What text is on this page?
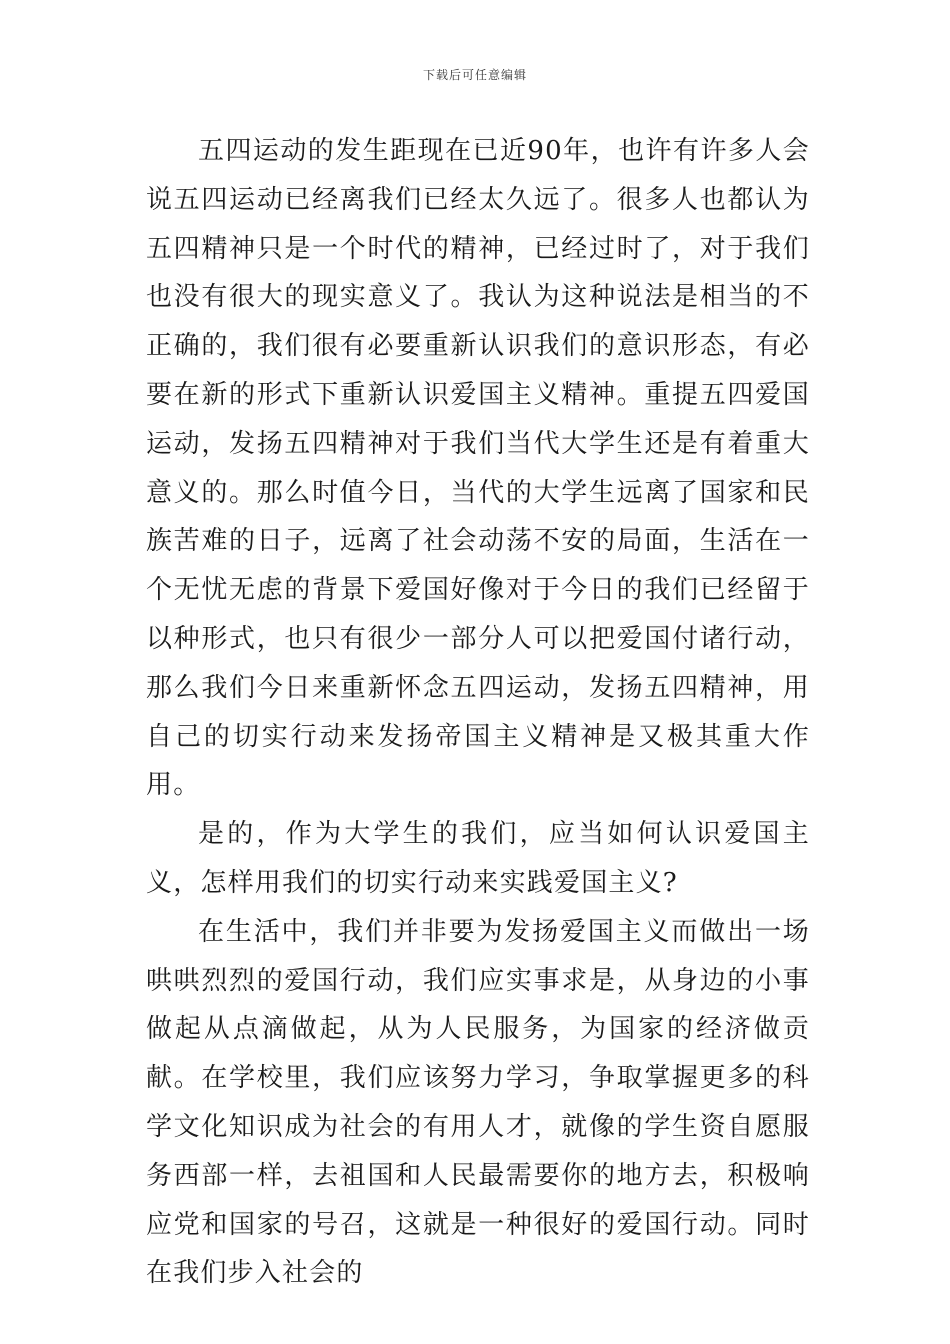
下载后可任意编辑

五四运动的发生距现在已近90年，也许有许多人会说五四运动已经离我们已经太久远了。很多人也都认为五四精神只是一个时代的精神，已经过时了，对于我们也没有很大的现实意义了。我认为这种说法是相当的不正确的，我们很有必要重新认识我们的意识形态，有必要在新的形式下重新认识爱国主义精神。重提五四爱国运动，发扬五四精神对于我们当代大学生还是有着重大意义的。那么时值今日，当代的大学生远离了国家和民族苦难的日子，远离了社会动荡不安的局面，生活在一个无忧无虑的背景下爱国好像对于今日的我们已经留于以种形式，也只有很少一部分人可以把爱国付诸行动，那么我们今日来重新怀念五四运动，发扬五四精神，用自己的切实行动来发扬帝国主义精神是又极其重大作用。

是的，作为大学生的我们，应当如何认识爱国主义，怎样用我们的切实行动来实践爱国主义?

在生活中，我们并非要为发扬爱国主义而做出一场哄哄烈烈的爱国行动，我们应实事求是，从身边的小事做起从点滴做起，从为人民服务，为国家的经济做贡献。在学校里，我们应该努力学习，争取掌握更多的科学文化知识成为社会的有用人才，就像的学生资自愿服务西部一样，去祖国和人民最需要你的地方去，积极响应党和国家的号召，这就是一种很好的爱国行动。同时在我们步入社会的
